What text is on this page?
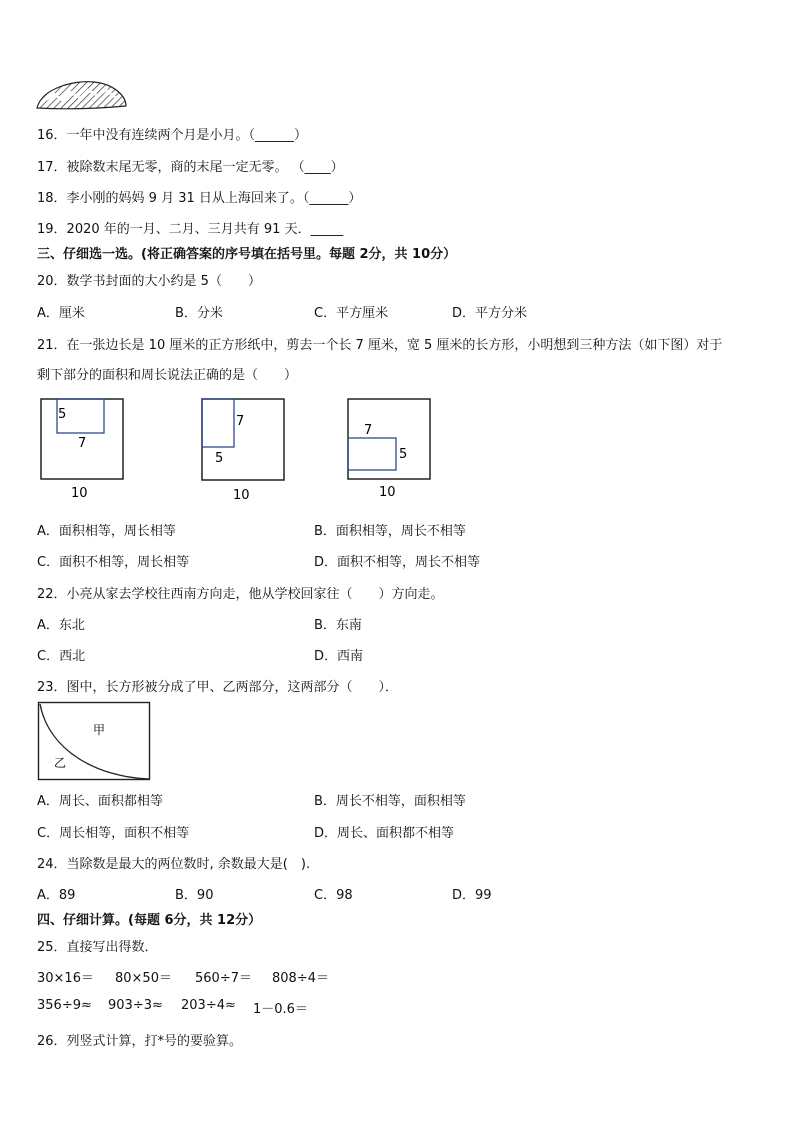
16．一年中没有连续两个月是小月。（______）
17．被除数末尾无零，商的末尾一定无零。 （____）
18．李小刚的妈妈 9 月 31 日从上海回来了。（______）
19．2020 年的一月、二月、三月共有 91 天．_____
三、仔细选一选。(将正确答案的序号填在括号里。每题 2分，共 10分）
20．数学书封面的大小约是 5（　　）
A．厘米	B．分米	C．平方厘米	D．平方分米
21．在一张边长是 10 厘米的正方形纸中，剪去一个长 7 厘米，宽 5 厘米的长方形，小明想到三种方法（如下图）对于
剩下部分的面积和周长说法正确的是（　　）
5
7
10
7
5
10
7
5
10
A．面积相等，周长相等	B．面积相等，周长不相等
C．面积不相等，周长相等	D．面积不相等，周长不相等
22．小亮从家去学校往西南方向走，他从学校回家往（　　）方向走。
A．东北	B．东南
C．西北	D．西南
23．图中，长方形被分成了甲、乙两部分，这两部分（　　）．
甲
乙
A．周长、面积都相等	B．周长不相等，面积相等
C．周长相等，面积不相等	D．周长、面积都不相等
24．当除数是最大的两位数时, 余数最大是(　).
A．89	B．90	C．98	D．99
四、仔细计算。(每题 6分，共 12分）
25．直接写出得数．
30×16＝ 80×50＝ 560÷7＝ 808÷4＝
356÷9≈ 903÷3≈ 203÷4≈ 1－0.6＝
26．列竖式计算，打*号的要验算。
